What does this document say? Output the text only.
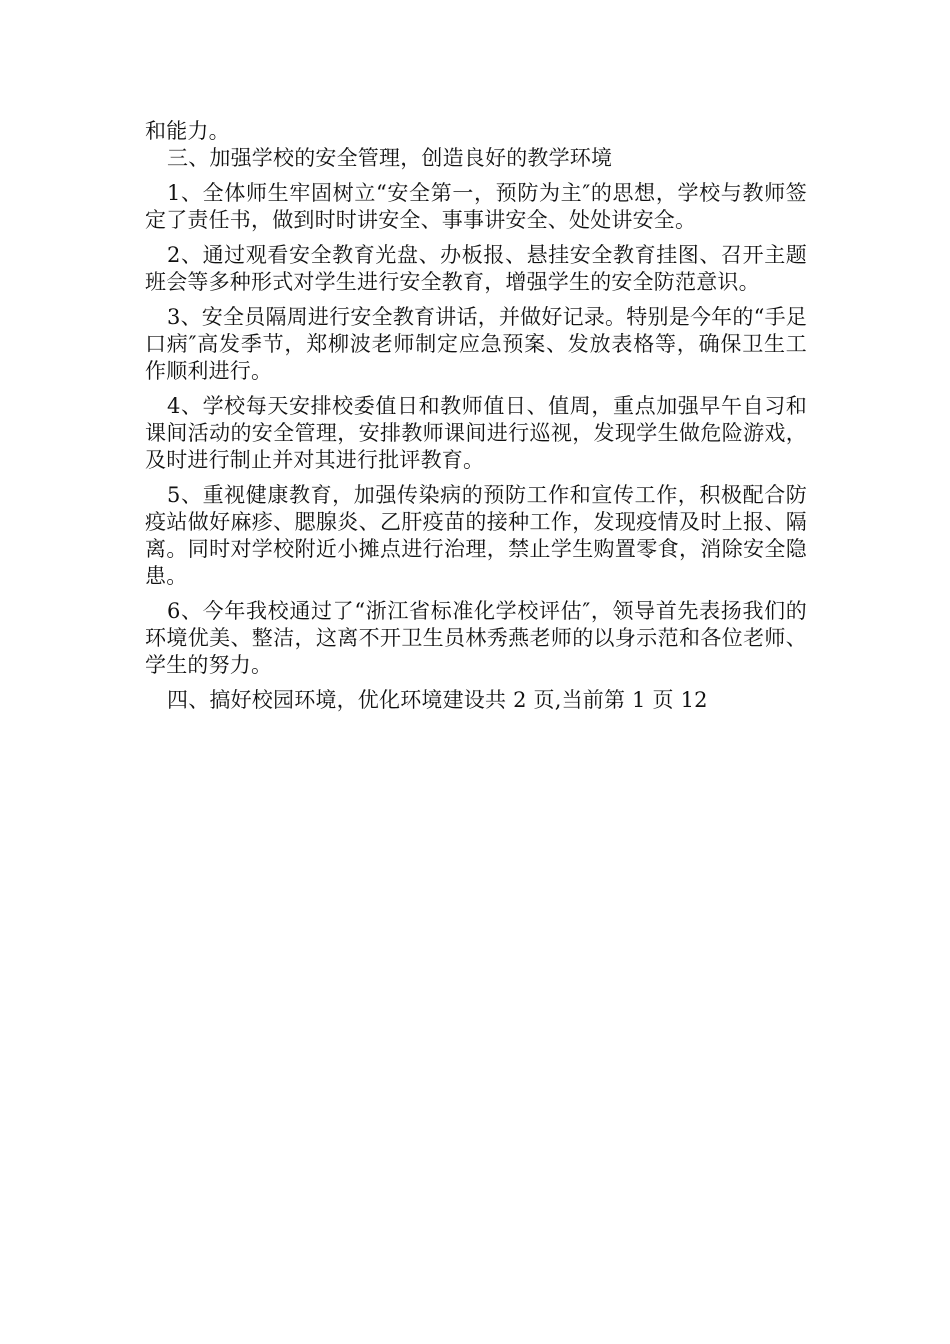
和能力。

三、加强学校的安全管理，创造良好的教学环境

1、全体师生牢固树立“安全第一，预防为主″的思想，学校与教师签定了责任书，做到时时讲安全、事事讲安全、处处讲安全。

2、通过观看安全教育光盘、办板报、悬挂安全教育挂图、召开主题班会等多种形式对学生进行安全教育，增强学生的安全防范意识。

3、安全员隔周进行安全教育讲话，并做好记录。特别是今年的“手足口病″高发季节，郑柳波老师制定应急预案、发放表格等，确保卫生工作顺利进行。

4、学校每天安排校委值日和教师值日、值周，重点加强早午自习和课间活动的安全管理，安排教师课间进行巡视，发现学生做危险游戏，及时进行制止并对其进行批评教育。

5、重视健康教育，加强传染病的预防工作和宣传工作，积极配合防疫站做好麻疹、腮腺炎、乙肝疫苗的接种工作，发现疫情及时上报、隔离。同时对学校附近小摊点进行治理，禁止学生购置零食，消除安全隐患。

6、今年我校通过了“浙江省标准化学校评估″，领导首先表扬我们的环境优美、整洁，这离不开卫生员林秀燕老师的以身示范和各位老师、学生的努力。

四、搞好校园环境，优化环境建设共 2 页,当前第 1 页 12
